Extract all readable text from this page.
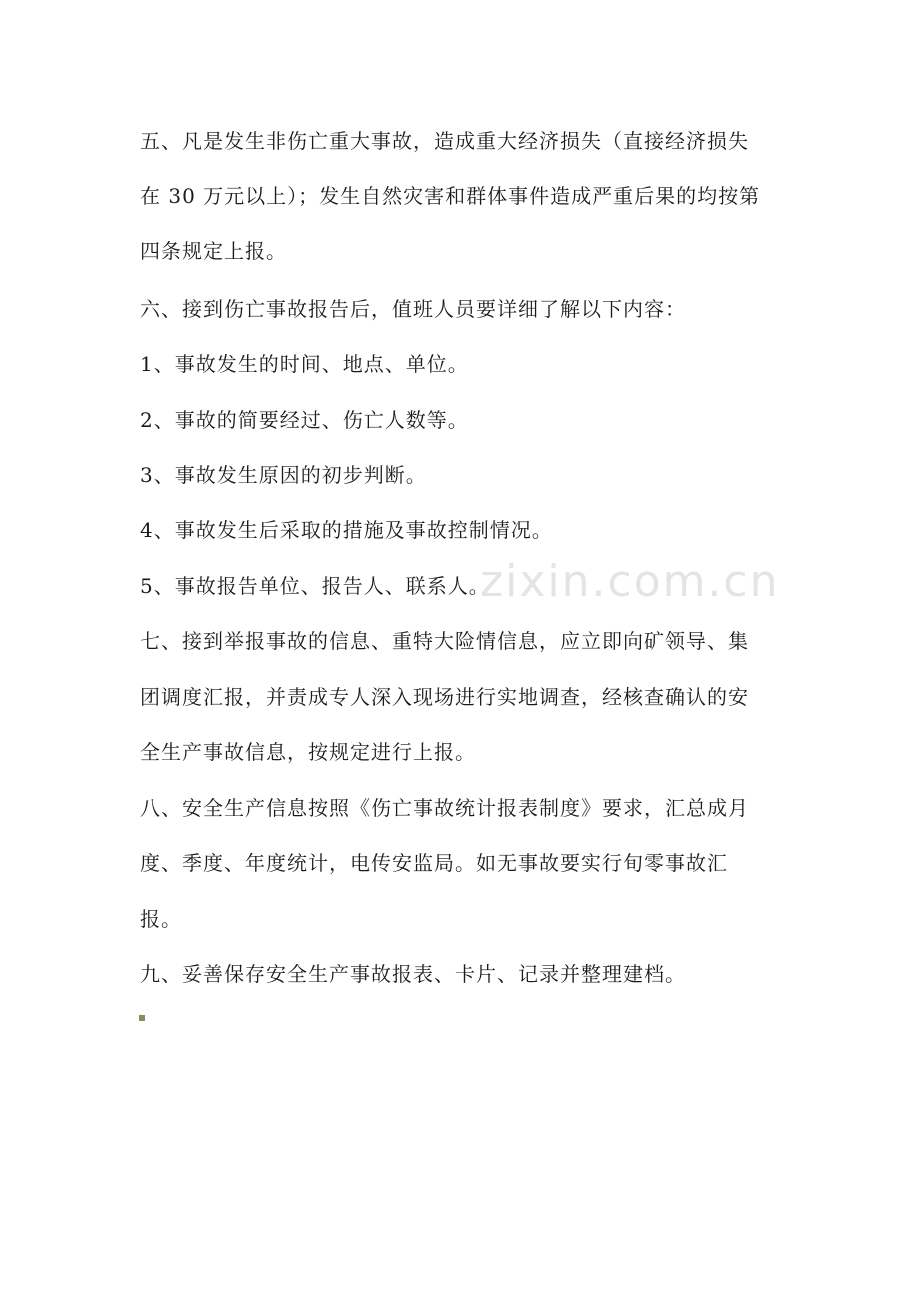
zixin.com.cn
五、凡是发生非伤亡重大事故，造成重大经济损失（直接经济损失
在 30 万元以上）；发生自然灾害和群体事件造成严重后果的均按第
四条规定上报。
六、接到伤亡事故报告后，值班人员要详细了解以下内容：
1、事故发生的时间、地点、单位。
2、事故的简要经过、伤亡人数等。
3、事故发生原因的初步判断。
4、事故发生后采取的措施及事故控制情况。
5、事故报告单位、报告人、联系人。
七、接到举报事故的信息、重特大险情信息，应立即向矿领导、集
团调度汇报，并责成专人深入现场进行实地调查，经核查确认的安
全生产事故信息，按规定进行上报。
八、安全生产信息按照《伤亡事故统计报表制度》要求，汇总成月
度、季度、年度统计，电传安监局。如无事故要实行旬零事故汇
报。
九、妥善保存安全生产事故报表、卡片、记录并整理建档。
